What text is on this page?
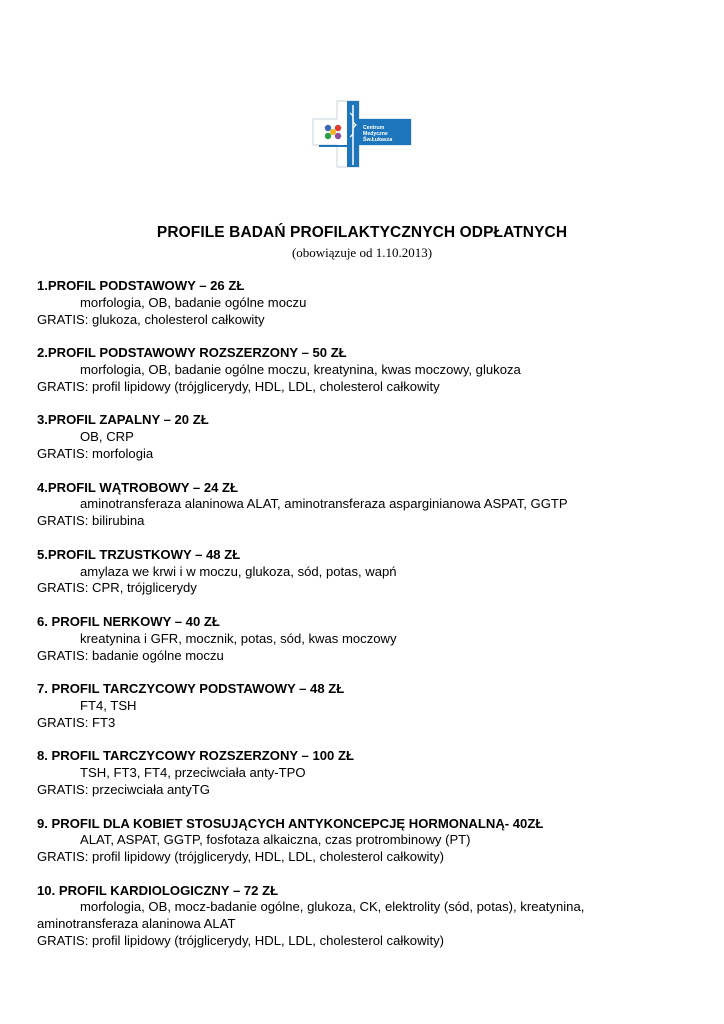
Centrum
Medyczne
Św.Łukasza
PROFILE BADAŃ PROFILAKTYCZNYCH ODPŁATNYCH
(obowiązuje od 1.10.2013)
1.PROFIL PODSTAWOWY – 26 ZŁ
morfologia, OB, badanie ogólne moczu
GRATIS: glukoza, cholesterol całkowity
2.PROFIL PODSTAWOWY ROZSZERZONY – 50 ZŁ
morfologia, OB, badanie ogólne moczu, kreatynina, kwas moczowy, glukoza
GRATIS: profil lipidowy (trójglicerydy, HDL, LDL, cholesterol całkowity
3.PROFIL ZAPALNY – 20 ZŁ
OB, CRP
GRATIS: morfologia
4.PROFIL WĄTROBOWY – 24 ZŁ
aminotransferaza alaninowa ALAT, aminotransferaza asparginianowa ASPAT, GGTP
GRATIS: bilirubina
5.PROFIL TRZUSTKOWY – 48 ZŁ
amylaza we krwi i w moczu, glukoza, sód, potas, wapń
GRATIS: CPR, trójglicerydy
6. PROFIL NERKOWY – 40 ZŁ
kreatynina i GFR, mocznik, potas, sód, kwas moczowy
GRATIS: badanie ogólne moczu
7. PROFIL TARCZYCOWY PODSTAWOWY – 48 ZŁ
FT4, TSH
GRATIS: FT3
8. PROFIL TARCZYCOWY ROZSZERZONY – 100 ZŁ
TSH, FT3, FT4, przeciwciała anty-TPO
GRATIS: przeciwciała antyTG
9. PROFIL DLA KOBIET STOSUJĄCYCH ANTYKONCEPCJĘ HORMONALNĄ- 40ZŁ
ALAT, ASPAT, GGTP, fosfotaza alkaiczna, czas protrombinowy (PT)
GRATIS: profil lipidowy (trójglicerydy, HDL, LDL, cholesterol całkowity)
10. PROFIL KARDIOLOGICZNY – 72 ZŁ
morfologia, OB, mocz-badanie ogólne, glukoza, CK, elektrolity (sód, potas), kreatynina,
aminotransferaza alaninowa ALAT
GRATIS: profil lipidowy (trójglicerydy, HDL, LDL, cholesterol całkowity)
